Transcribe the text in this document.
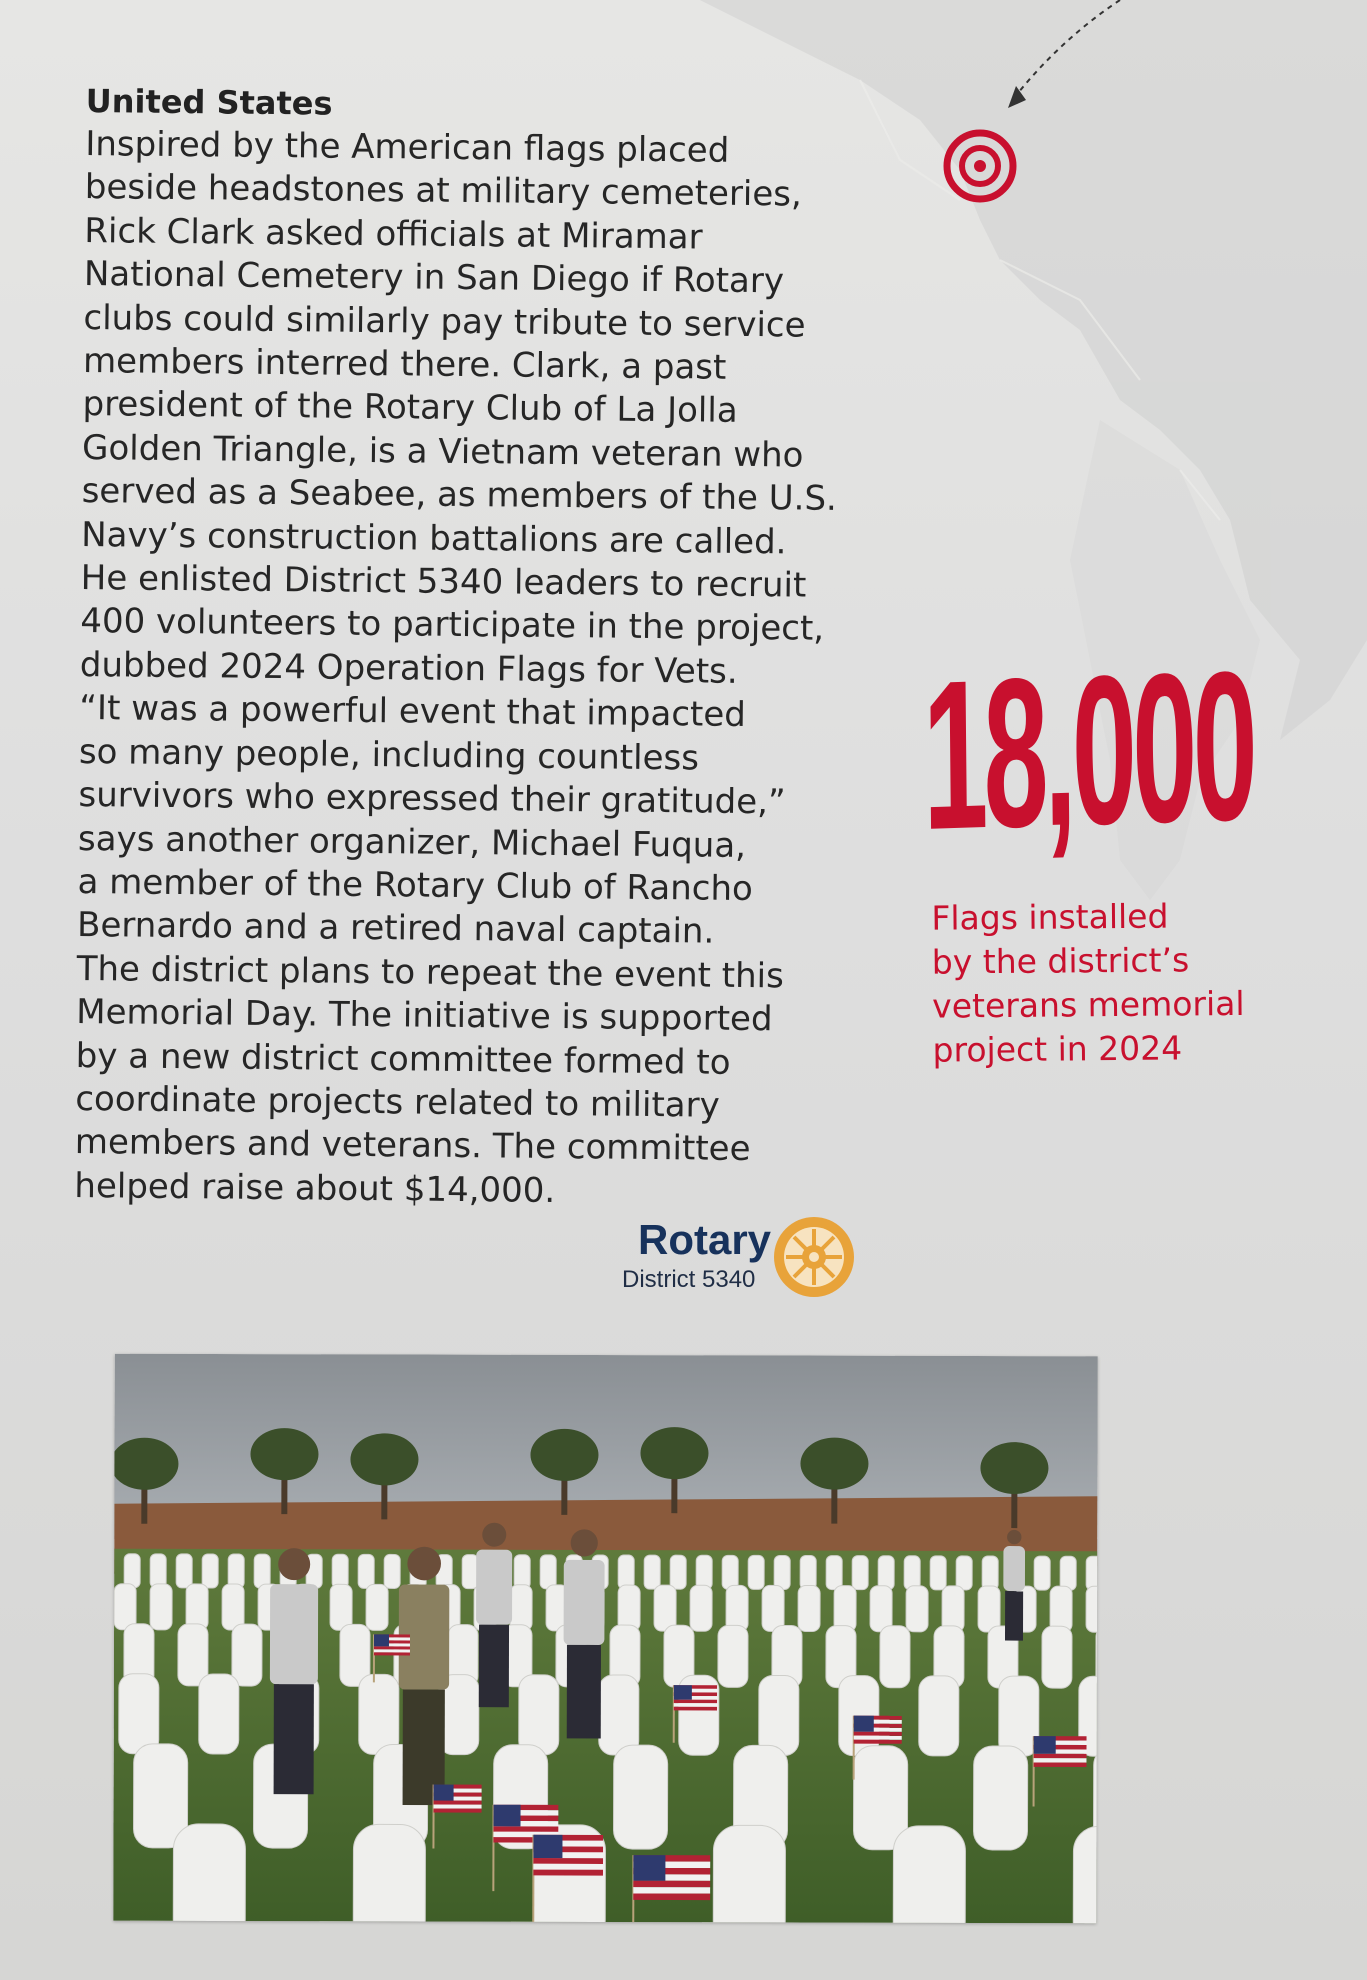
United States

Inspired by the American flags placed
beside headstones at military cemeteries,
Rick Clark asked officials at Miramar
National Cemetery in San Diego if Rotary
clubs could similarly pay tribute to service
members interred there. Clark, a past
president of the Rotary Club of La Jolla
Golden Triangle, is a Vietnam veteran who
served as a Seabee, as members of the U.S.
Navy’s construction battalions are called.
He enlisted District 5340 leaders to recruit
400 volunteers to participate in the project,
dubbed 2024 Operation Flags for Vets.
“It was a powerful event that impacted
so many people, including countless
survivors who expressed their gratitude,”
says another organizer, Michael Fuqua,
a member of the Rotary Club of Rancho
Bernardo and a retired naval captain.
The district plans to repeat the event this
Memorial Day. The initiative is supported
by a new district committee formed to
coordinate projects related to military
members and veterans. The committee
helped raise about $14,000.

18,000
Flags installed
by the district’s
veterans memorial
project in 2024
Rotary
District 5340
